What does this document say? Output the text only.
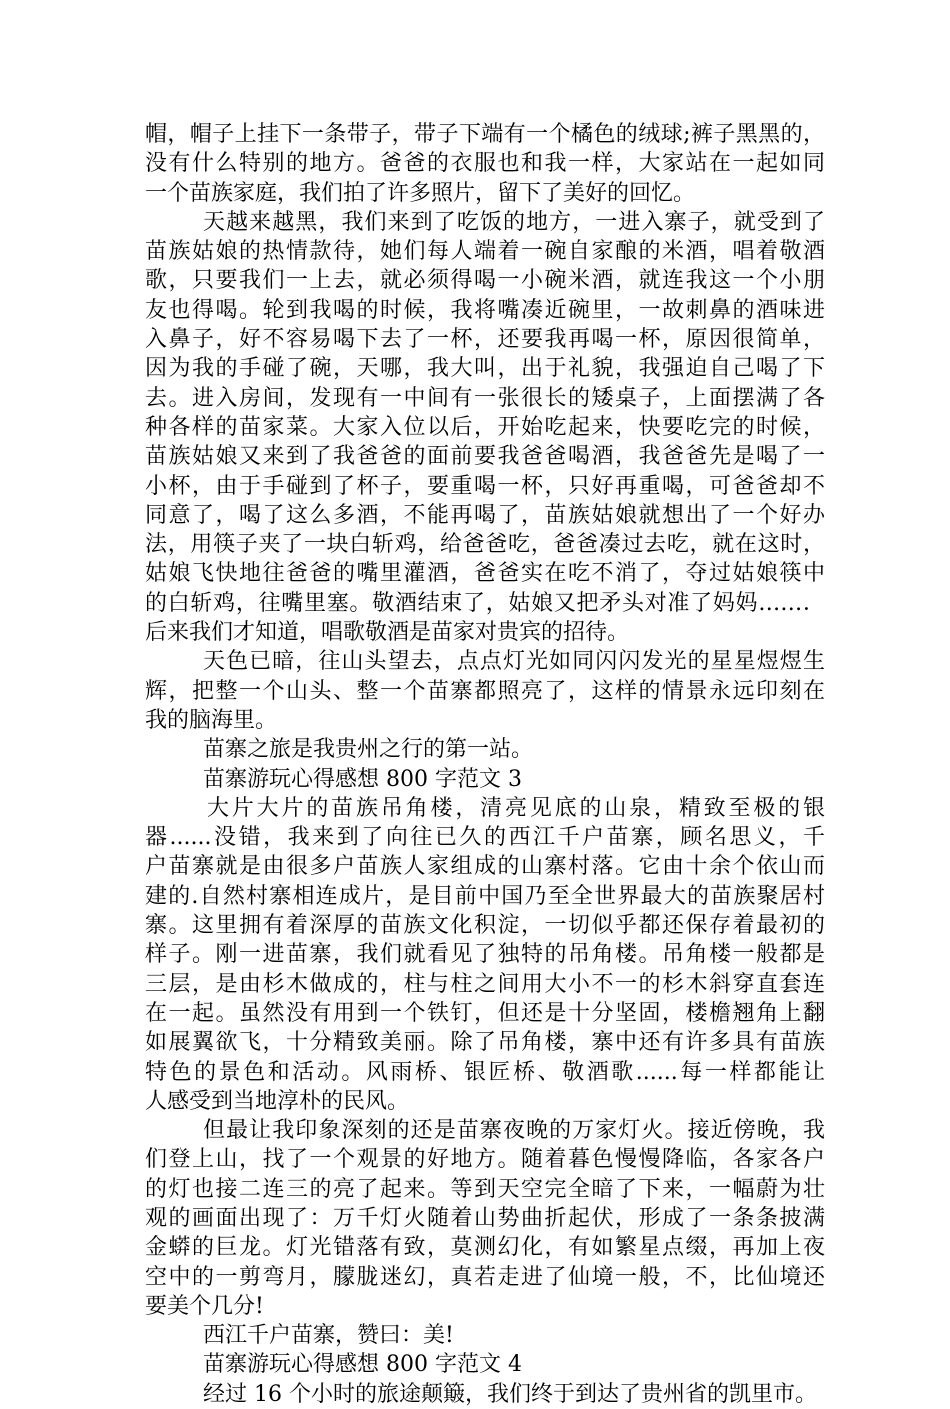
帽，帽子上挂下一条带子，带子下端有一个橘色的绒球;裤子黑黑的，
没有什么特别的地方。爸爸的衣服也和我一样，大家站在一起如同
一个苗族家庭，我们拍了许多照片，留下了美好的回忆。
天越来越黑，我们来到了吃饭的地方，一进入寨子，就受到了
苗族姑娘的热情款待，她们每人端着一碗自家酿的米酒，唱着敬酒
歌，只要我们一上去，就必须得喝一小碗米酒，就连我这一个小朋
友也得喝。轮到我喝的时候，我将嘴凑近碗里，一故刺鼻的酒味进
入鼻子，好不容易喝下去了一杯，还要我再喝一杯，原因很简单，
因为我的手碰了碗，天哪，我大叫，出于礼貌，我强迫自己喝了下
去。进入房间，发现有一中间有一张很长的矮桌子，上面摆满了各
种各样的苗家菜。大家入位以后，开始吃起来，快要吃完的时候，
苗族姑娘又来到了我爸爸的面前要我爸爸喝酒，我爸爸先是喝了一
小杯，由于手碰到了杯子，要重喝一杯，只好再重喝，可爸爸却不
同意了，喝了这么多酒，不能再喝了，苗族姑娘就想出了一个好办
法，用筷子夹了一块白斩鸡，给爸爸吃，爸爸凑过去吃，就在这时，
姑娘飞快地往爸爸的嘴里灌酒，爸爸实在吃不消了，夺过姑娘筷中
的白斩鸡，往嘴里塞。敬酒结束了，姑娘又把矛头对准了妈妈……．
后来我们才知道，唱歌敬酒是苗家对贵宾的招待。
天色已暗，往山头望去，点点灯光如同闪闪发光的星星煜煜生
辉，把整一个山头、整一个苗寨都照亮了，这样的情景永远印刻在
我的脑海里。
苗寨之旅是我贵州之行的第一站。
苗寨游玩心得感想 800 字范文 3
大片大片的苗族吊角楼，清亮见底的山泉，精致至极的银
器......没错，我来到了向往已久的西江千户苗寨，顾名思义，千
户苗寨就是由很多户苗族人家组成的山寨村落。它由十余个依山而
建的.自然村寨相连成片，是目前中国乃至全世界最大的苗族聚居村
寨。这里拥有着深厚的苗族文化积淀，一切似乎都还保存着最初的
样子。刚一进苗寨，我们就看见了独特的吊角楼。吊角楼一般都是
三层，是由杉木做成的，柱与柱之间用大小不一的杉木斜穿直套连
在一起。虽然没有用到一个铁钉，但还是十分坚固，楼檐翘角上翻
如展翼欲飞，十分精致美丽。除了吊角楼，寨中还有许多具有苗族
特色的景色和活动。风雨桥、银匠桥、敬酒歌......每一样都能让
人感受到当地淳朴的民风。
但最让我印象深刻的还是苗寨夜晚的万家灯火。接近傍晚，我
们登上山，找了一个观景的好地方。随着暮色慢慢降临，各家各户
的灯也接二连三的亮了起来。等到天空完全暗了下来，一幅蔚为壮
观的画面出现了：万千灯火随着山势曲折起伏，形成了一条条披满
金蟒的巨龙。灯光错落有致，莫测幻化，有如繁星点缀，再加上夜
空中的一剪弯月，朦胧迷幻，真若走进了仙境一般，不，比仙境还
要美个几分!
西江千户苗寨，赞曰：美!
苗寨游玩心得感想 800 字范文 4
经过 16 个小时的旅途颠簸，我们终于到达了贵州省的凯里市。
